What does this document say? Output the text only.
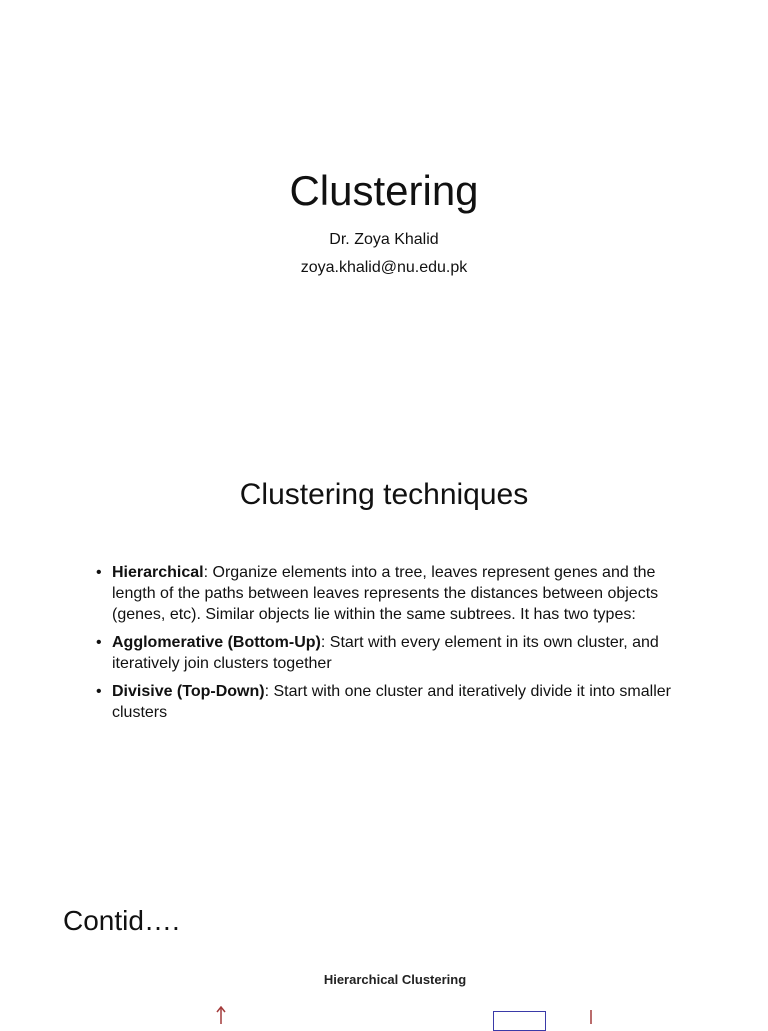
Clustering
Dr. Zoya Khalid
zoya.khalid@nu.edu.pk
Clustering techniques
• Hierarchical: Organize elements into a tree, leaves represent genes and the length of the paths between leaves represents the distances between objects (genes, etc). Similar objects lie within the same subtrees. It has two types:
• Agglomerative (Bottom-Up): Start with every element in its own cluster, and iteratively join clusters together
• Divisive (Top-Down): Start with one cluster and iteratively divide it into smaller clusters
Contid….
Hierarchical Clustering
